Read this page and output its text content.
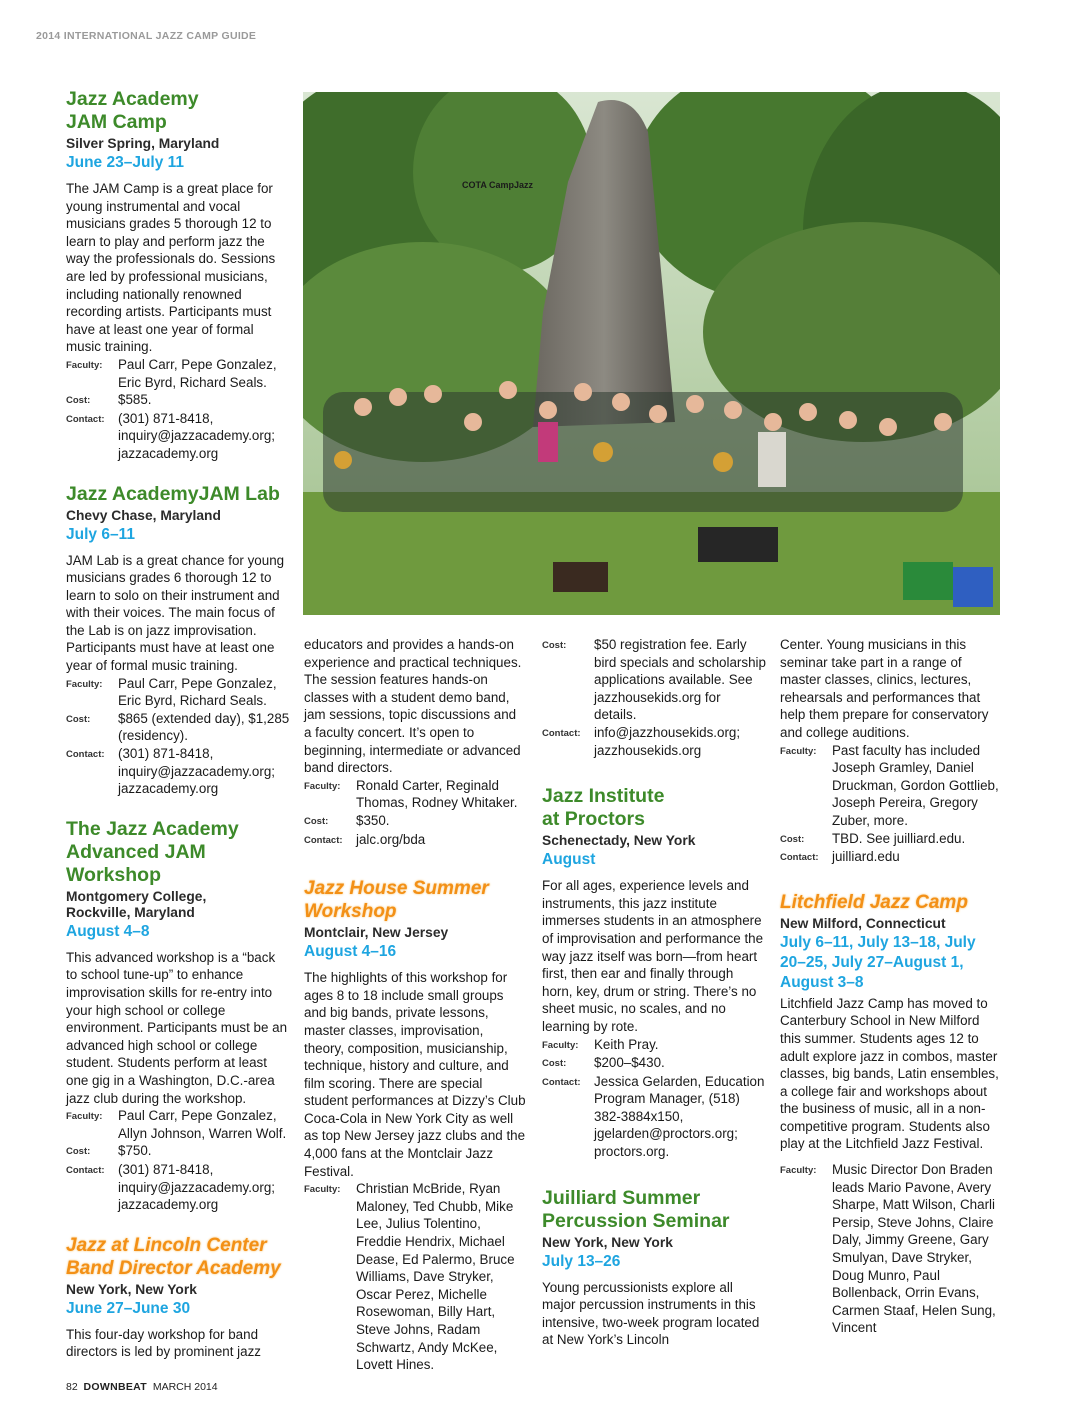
2014 INTERNATIONAL JAZZ CAMP GUIDE
COTA CampJazz
Jazz Academy
JAM Camp
Silver Spring, Maryland
June 23–July 11

The JAM Camp is a great place for young instrumental and vocal musicians grades 5 thorough 12 to learn to play and perform jazz the way the professionals do. Sessions are led by professional musicians, including nationally renowned recording artists. Participants must have at least one year of formal music training.

Faculty:	Paul Carr, Pepe Gonzalez, Eric Byrd, Richard Seals.
Cost:	$585.
Contact:	(301) 871-8418, inquiry@jazzacademy.org; jazzacademy.org
Jazz AcademyJAM Lab
Chevy Chase, Maryland
July 6–11

JAM Lab is a great chance for young musicians grades 6 thorough 12 to learn to solo on their instrument and with their voices. The main focus of the Lab is on jazz improvisation. Participants must have at least one year of formal music training.

Faculty:	Paul Carr, Pepe Gonzalez, Eric Byrd, Richard Seals.
Cost:	$865 (extended day), $1,285 (residency).
Contact:	(301) 871-8418, inquiry@jazzacademy.org; jazzacademy.org
The Jazz Academy
Advanced JAM
Workshop
Montgomery College,
Rockville, Maryland
August 4–8

This advanced workshop is a “back to school tune-up” to enhance improvisation skills for re-entry into your high school or college environment. Participants must be an advanced high school or college student. Students perform at least one gig in a Washington, D.C.-area jazz club during the workshop.

Faculty:	Paul Carr, Pepe Gonzalez, Allyn Johnson, Warren Wolf.
Cost:	$750.
Contact:	(301) 871-8418, inquiry@jazzacademy.org; jazzacademy.org
Jazz at Lincoln Center
Band Director Academy
New York, New York
June 27–June 30

This four-day workshop for band directors is led by prominent jazz

educators and provides a hands-on experience and practical techniques. The session features hands-on classes with a student demo band, jam sessions, topic discussions and a faculty concert. It’s open to beginning, intermediate or advanced band directors.

Faculty:	Ronald Carter, Reginald Thomas, Rodney Whitaker.
Cost:	$350.
Contact:	jalc.org/bda
Jazz House Summer
Workshop
Montclair, New Jersey
August 4–16

The highlights of this workshop for ages 8 to 18 include small groups and big bands, private lessons, master classes, improvisation, theory, composition, musicianship, technique, history and culture, and film scoring. There are special student performances at Dizzy’s Club Coca-Cola in New York City as well as top New Jersey jazz clubs and the 4,000 fans at the Montclair Jazz Festival.

Faculty:	Christian McBride, Ryan Maloney, Ted Chubb, Mike Lee, Julius Tolentino, Freddie Hendrix, Michael Dease, Ed Palermo, Bruce Williams, Dave Stryker, Oscar Perez, Michelle Rosewoman, Billy Hart, Steve Johns, Radam Schwartz, Andy McKee, Lovett Hines.
Cost:	$50 registration fee. Early bird specials and scholarship applications available. See jazzhousekids.org for details.
Contact:	info@jazzhousekids.org; jazzhousekids.org
Jazz Institute
at Proctors
Schenectady, New York
August

For all ages, experience levels and instruments, this jazz institute immerses students in an atmosphere of improvisation and performance the way jazz itself was born—from heart first, then ear and finally through horn, key, drum or string. There’s no sheet music, no scales, and no learning by rote.

Faculty:	Keith Pray.
Cost:	$200–$430.
Contact:	Jessica Gelarden, Education Program Manager, (518) 382-3884x150, jgelarden@proctors.org; proctors.org.
Juilliard Summer
Percussion Seminar
New York, New York
July 13–26

Young percussionists explore all major percussion instruments in this intensive, two-week program located at New York’s Lincoln

Center. Young musicians in this seminar take part in a range of master classes, clinics, lectures, rehearsals and performances that help them prepare for conservatory and college auditions.

Faculty:	Past faculty has included Joseph Gramley, Daniel Druckman, Gordon Gottlieb, Joseph Pereira, Gregory Zuber, more.
Cost:	TBD. See juilliard.edu.
Contact:	juilliard.edu
Litchfield Jazz Camp
New Milford, Connecticut
July 6–11, July 13–18, July 20–25, July 27–August 1, August 3–8

Litchfield Jazz Camp has moved to Canterbury School in New Milford this summer. Students ages 12 to adult explore jazz in combos, master classes, big bands, Latin ensembles, a college fair and workshops about the business of music, all in a non-competitive program. Students also play at the Litchfield Jazz Festival.

Faculty:	Music Director Don Braden leads Mario Pavone, Avery Sharpe, Matt Wilson, Charli Persip, Steve Johns, Claire Daly, Jimmy Greene, Gary Smulyan, Dave Stryker, Doug Munro, Paul Bollenback, Orrin Evans, Carmen Staaf, Helen Sung, Vincent
82 DOWNBEAT MARCH 2014
